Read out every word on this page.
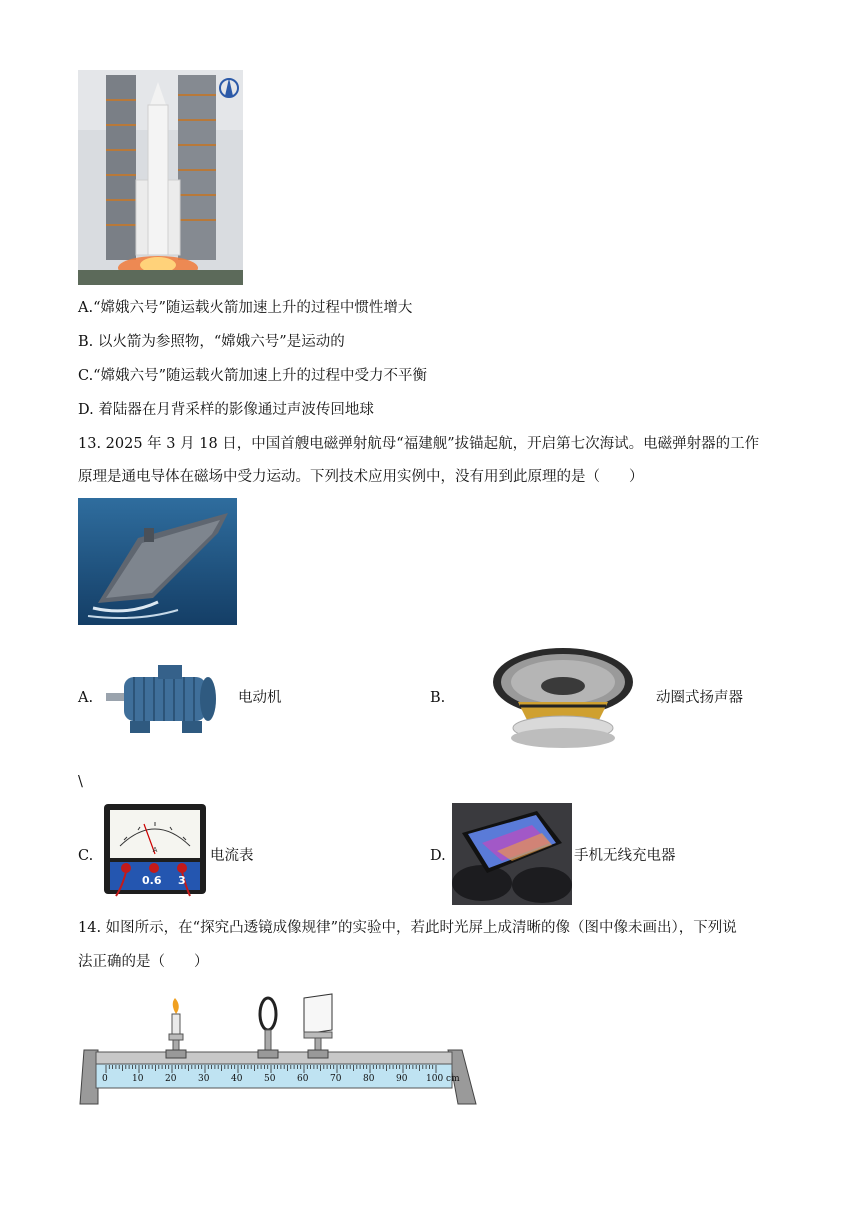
A.“嫦娥六号”随运载火箭加速上升的过程中惯性增大
B. 以火箭为参照物，“嫦娥六号”是运动的
C.“嫦娥六号”随运载火箭加速上升的过程中受力不平衡
D. 着陆器在月背采样的影像通过声波传回地球
13. 2025 年 3 月 18 日，中国首艘电磁弹射航母“福建舰”拔锚起航，开启第七次海试。电磁弹射器的工作
原理是通电导体在磁场中受力运动。下列技术应用实例中，没有用到此原理的是（　　）
A.	电动机	B.	动圈式扬声器
\
C.	A
0.6 3
电流表	D.	手机无线充电器
14. 如图所示，在“探究凸透镜成像规律”的实验中，若此时光屏上成清晰的像（图中像未画出），下列说
法正确的是（　　）
0	10 20 30 40 50 60 70 80 90 100 cm
